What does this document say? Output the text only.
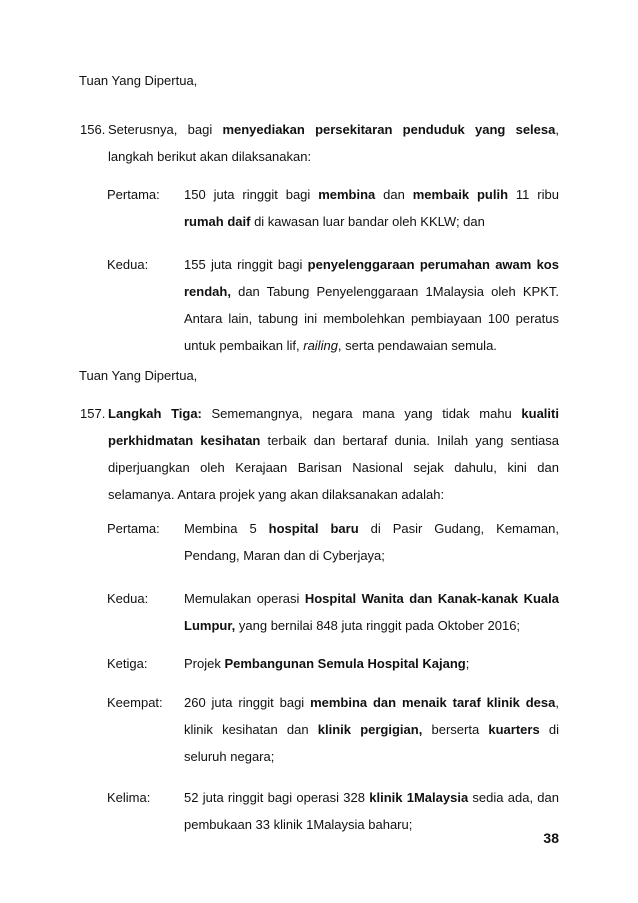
Tuan Yang Dipertua,
156. Seterusnya, bagi menyediakan persekitaran penduduk yang selesa, langkah berikut akan dilaksanakan:
Pertama: 150 juta ringgit bagi membina dan membaik pulih 11 ribu rumah daif di kawasan luar bandar oleh KKLW; dan
Kedua:	155 juta ringgit bagi penyelenggaraan perumahan awam kos rendah, dan Tabung Penyelenggaraan 1Malaysia oleh KPKT. Antara lain, tabung ini membolehkan pembiayaan 100 peratus untuk pembaikan lif, railing, serta pendawaian semula.
Tuan Yang Dipertua,
157. Langkah Tiga: Sememangnya, negara mana yang tidak mahu kualiti perkhidmatan kesihatan terbaik dan bertaraf dunia. Inilah yang sentiasa diperjuangkan oleh Kerajaan Barisan Nasional sejak dahulu, kini dan selamanya. Antara projek yang akan dilaksanakan adalah:
Pertama: Membina 5 hospital baru di Pasir Gudang, Kemaman, Pendang, Maran dan di Cyberjaya;
Kedua:	Memulakan operasi Hospital Wanita dan Kanak-kanak Kuala Lumpur, yang bernilai 848 juta ringgit pada Oktober 2016;
Ketiga:	Projek Pembangunan Semula Hospital Kajang;
Keempat: 260 juta ringgit bagi membina dan menaik taraf klinik desa, klinik kesihatan dan klinik pergigian, berserta kuarters di seluruh negara;
Kelima:	52 juta ringgit bagi operasi 328 klinik 1Malaysia sedia ada, dan pembukaan 33 klinik 1Malaysia baharu;
38
